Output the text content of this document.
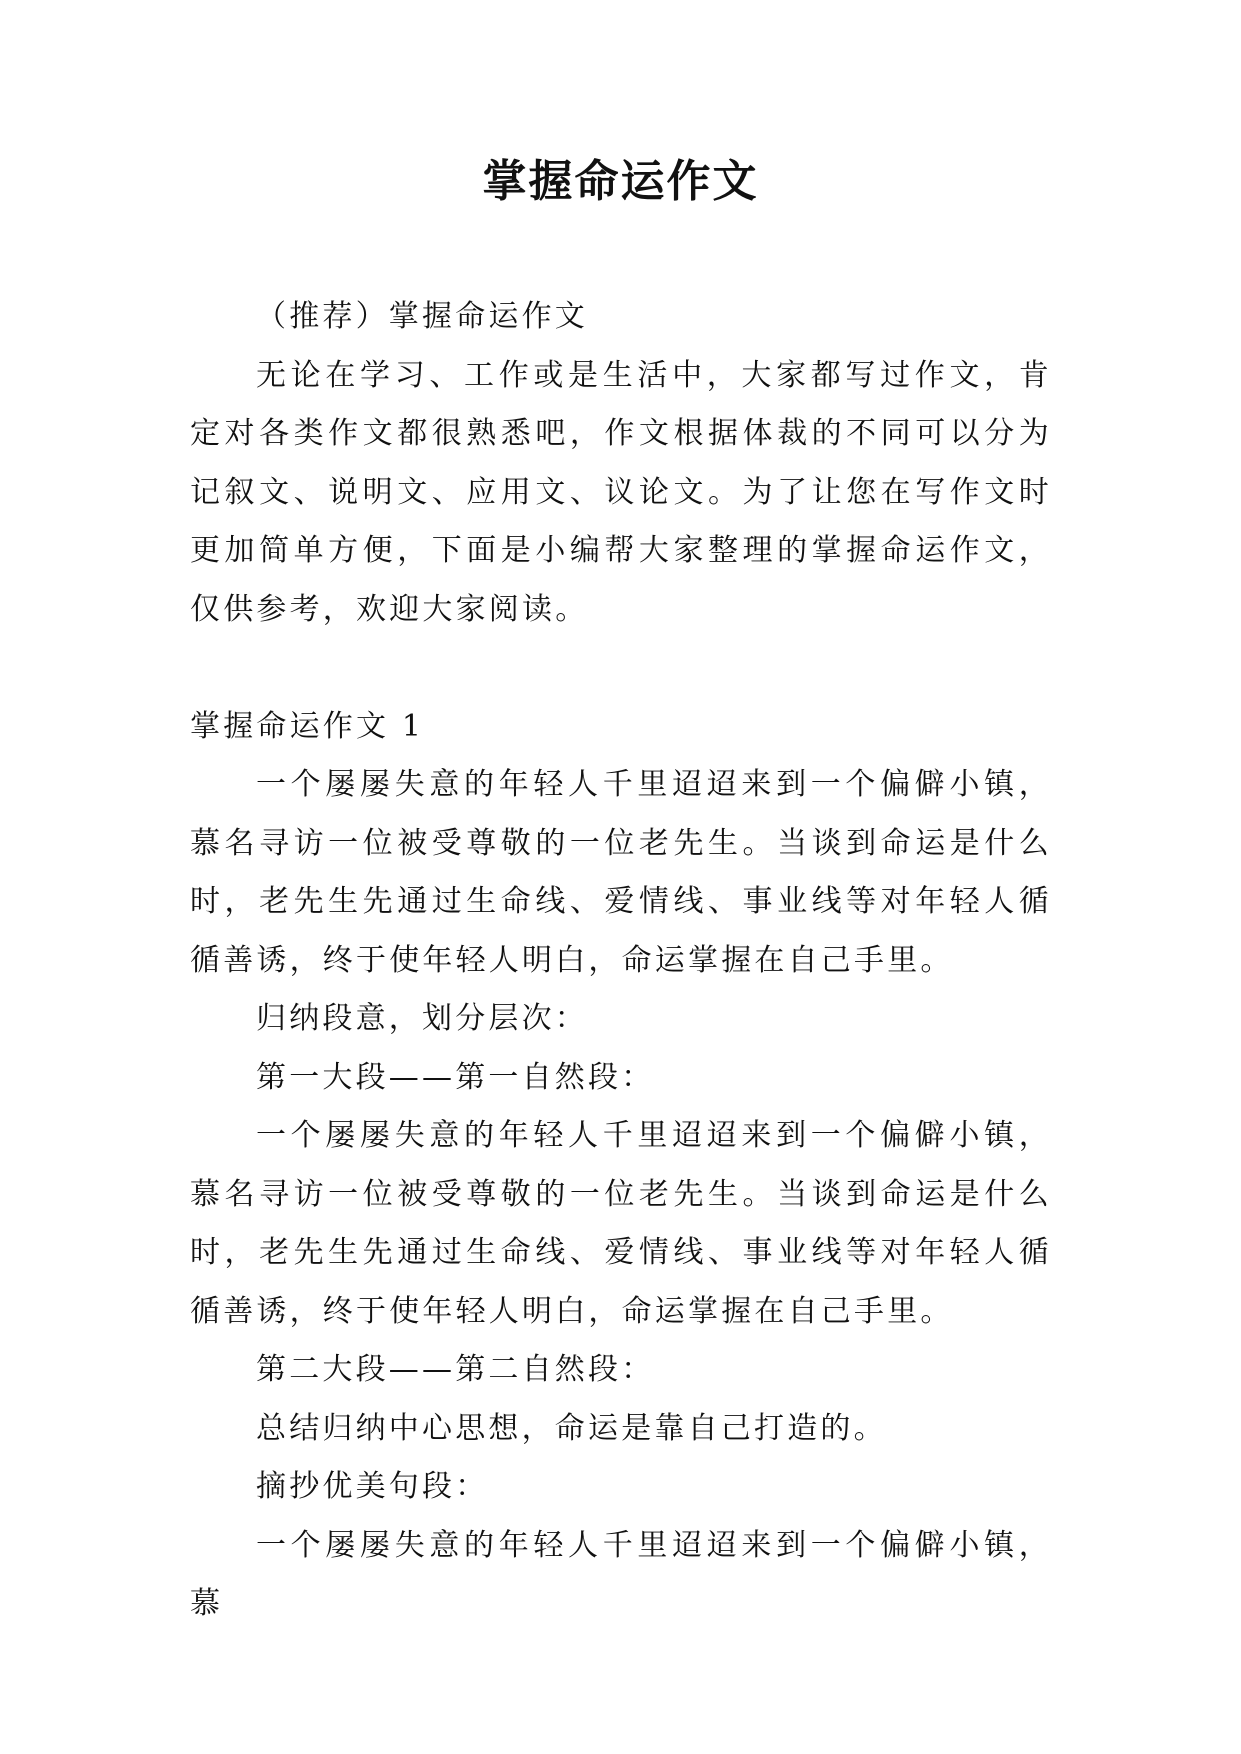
掌握命运作文

（推荐）掌握命运作文

无论在学习、工作或是生活中，大家都写过作文，肯定对各类作文都很熟悉吧，作文根据体裁的不同可以分为记叙文、说明文、应用文、议论文。为了让您在写作文时更加简单方便，下面是小编帮大家整理的掌握命运作文，仅供参考，欢迎大家阅读。

掌握命运作文 1

一个屡屡失意的年轻人千里迢迢来到一个偏僻小镇，慕名寻访一位被受尊敬的一位老先生。当谈到命运是什么时，老先生先通过生命线、爱情线、事业线等对年轻人循循善诱，终于使年轻人明白，命运掌握在自己手里。

归纳段意，划分层次：

第一大段——第一自然段：

一个屡屡失意的年轻人千里迢迢来到一个偏僻小镇，慕名寻访一位被受尊敬的一位老先生。当谈到命运是什么时，老先生先通过生命线、爱情线、事业线等对年轻人循循善诱，终于使年轻人明白，命运掌握在自己手里。

第二大段——第二自然段：

总结归纳中心思想，命运是靠自己打造的。

摘抄优美句段：

一个屡屡失意的年轻人千里迢迢来到一个偏僻小镇，慕
